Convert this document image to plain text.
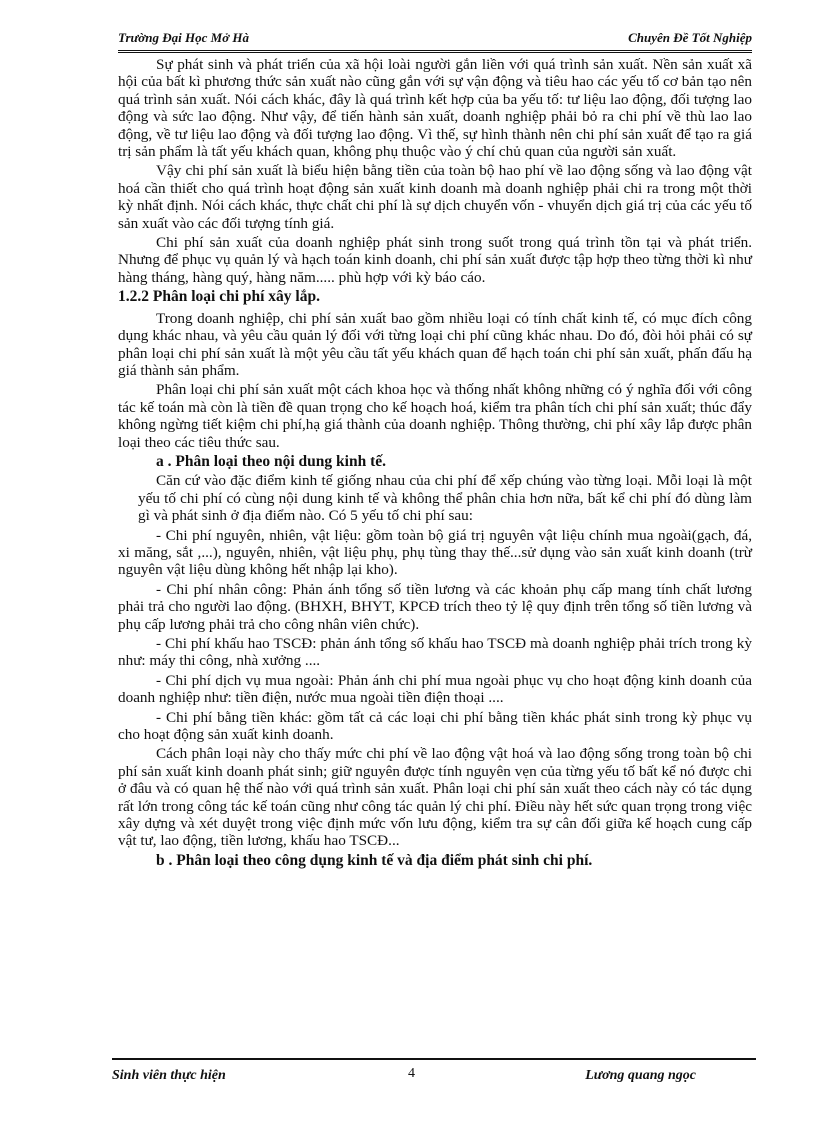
Trường Đại Học Mở Hà	Chuyên Đề Tốt Nghiệp

Sự phát sinh và phát triển của xã hội loài người gắn liền với quá trình sản xuất. Nền sản xuất xã hội của bất kì phương thức sản xuất nào cũng gắn với sự vận động và tiêu hao các yếu tố cơ bản tạo nên quá trình sản xuất. Nói cách khác, đây là quá trình kết hợp của ba yếu tố: tư liệu lao động, đối tượng lao động và sức lao động. Như vậy, để tiến hành sản xuất, doanh nghiệp phải bỏ ra chi phí về thù lao lao động, về tư liệu lao động và đối tượng lao động. Vì thế, sự hình thành nên chi phí sản xuất để tạo ra giá trị sản phẩm là tất yếu khách quan, không phụ thuộc vào ý chí chủ quan của người sản xuất.

Vậy chi phí sản xuất là biểu hiện bằng tiền của toàn bộ hao phí về lao động sống và lao động vật hoá cần thiết cho quá trình hoạt động sản xuất kinh doanh mà doanh nghiệp phải chi ra trong một thời kỳ nhất định. Nói cách khác, thực chất chi phí là sự dịch chuyển vốn - vhuyển dịch giá trị của các yếu tố sản xuất vào các đối tượng tính giá.

Chi phí sản xuất của doanh nghiệp phát sinh trong suốt trong quá trình tồn tại và phát triển. Nhưng để phục vụ quản lý và hạch toán kinh doanh, chi phí sản xuất được tập hợp theo từng thời kì như hàng tháng, hàng quý, hàng năm..... phù hợp với kỳ báo cáo.

1.2.2 Phân loại chi phí xây lắp.

Trong doanh nghiệp, chi phí sản xuất bao gồm nhiều loại có tính chất kinh tế, có mục đích công dụng khác nhau, và yêu cầu quản lý đối với từng loại chi phí cũng khác nhau. Do đó, đòi hỏi phải có sự phân loại chi phí sản xuất là một yêu cầu tất yếu khách quan để hạch toán chi phí sản xuất, phấn đấu hạ giá thành sản phẩm.

Phân loại chi phí sản xuất một cách khoa học và thống nhất không những có ý nghĩa đối với công tác kế toán mà còn là tiền đề quan trọng cho kế hoạch hoá, kiểm tra phân tích chi phí sản xuất; thúc đẩy không ngừng tiết kiệm chi phí,hạ giá thành của doanh nghiệp. Thông thường, chi phí xây lắp được phân loại theo các tiêu thức sau.

a . Phân loại theo nội dung kinh tế.

Căn cứ vào đặc điểm kinh tế giống nhau của chi phí để xếp chúng vào từng loại. Mỗi loại là một yếu tố chi phí có cùng nội dung kinh tế và không thể phân chia hơn nữa, bất kể chi phí đó dùng làm gì và phát sinh ở địa điểm nào. Có 5 yếu tố chi phí sau:

- Chi phí nguyên, nhiên, vật liệu: gồm toàn bộ giá trị nguyên vật liệu chính mua ngoài(gạch, đá, xi măng, sắt ,...), nguyên, nhiên, vật liệu phụ, phụ tùng thay thế...sử dụng vào sản xuất kinh doanh (trừ nguyên vật liệu dùng không hết nhập lại kho).

- Chi phí nhân công: Phản ánh tổng số tiền lương và các khoản phụ cấp mang tính chất lương phải trả cho người lao động. (BHXH, BHYT, KPCĐ trích theo tỷ lệ quy định trên tổng số tiền lương và phụ cấp lương phải trả cho công nhân viên chức).

- Chi phí khấu hao TSCĐ: phản ánh tổng số khấu hao TSCĐ mà doanh nghiệp phải trích trong kỳ như: máy thi công, nhà xưởng ....

- Chi phí dịch vụ mua ngoài: Phản ánh chi phí mua ngoài phục vụ cho hoạt động kinh doanh của doanh nghiệp như: tiền điện, nước mua ngoài tiền điện thoại ....

- Chi phí bằng tiền khác: gồm tất cả các loại chi phí bằng tiền khác phát sinh trong kỳ phục vụ cho hoạt động sản xuất kinh doanh.

Cách phân loại này cho thấy mức chi phí về lao động vật hoá và lao động sống trong toàn bộ chi phí sản xuất kinh doanh phát sinh; giữ nguyên được tính nguyên vẹn của từng yếu tố bất kể nó được chi ở đâu và có quan hệ thế nào với quá trình sản xuất. Phân loại chi phí sản xuất theo cách này có tác dụng rất lớn trong công tác kế toán cũng như công tác quản lý chi phí. Điều này hết sức quan trọng trong việc xây dựng và xét duyệt trong việc định mức vốn lưu động, kiểm tra sự cân đối giữa kế hoạch cung cấp vật tư, lao động, tiền lương, khấu hao TSCĐ...

b . Phân loại theo công dụng kinh tế và địa điểm phát sinh chi phí.
Sinh viên thực hiện	4	Lương quang ngọc
